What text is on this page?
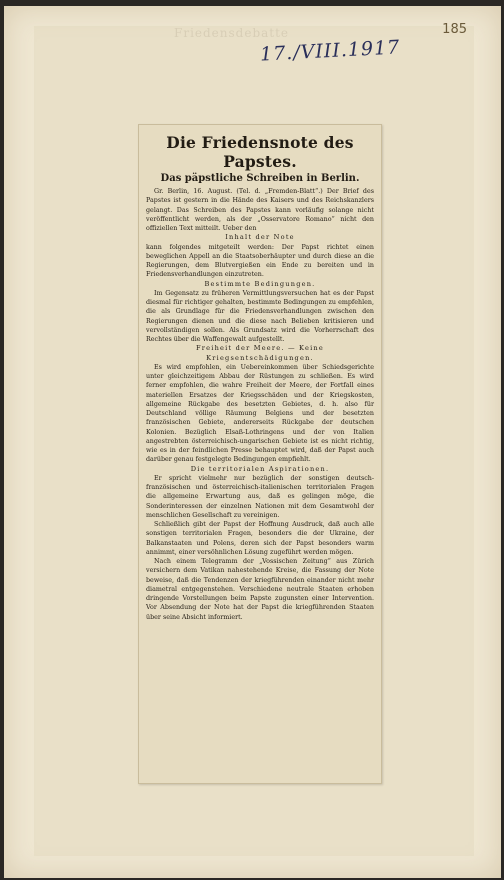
Friedensdebatte	185
17./VIII.1917
Die Friedensnote des Papstes.
Das päpstliche Schreiben in Berlin.

Gr. Berlin, 16. August. (Tel. d. „Fremden-Blatt“.) Der Brief des Papstes ist gestern in die Hände des Kaisers und des Reichskanzlers gelangt. Das Schreiben des Papstes kann vorläufig solange nicht veröffentlicht werden, als der „Osservatore Romano“ nicht den offiziellen Text mitteilt. Ueber den

Inhalt der Note

kann folgendes mitgeteilt werden: Der Papst richtet einen beweglichen Appell an die Staatsoberhäupter und durch diese an die Regierungen, dem Blutvergießen ein Ende zu bereiten und in Friedensverhandlungen einzutreten.

Bestimmte Bedingungen.

Im Gegensatz zu früheren Vermittlungsversuchen hat es der Papst diesmal für richtiger gehalten, bestimmte Bedingungen zu empfehlen, die als Grundlage für die Friedensverhandlungen zwischen den Regierungen dienen und die diese nach Belieben kritisieren und vervollständigen sollen. Als Grundsatz wird die Vorherrschaft des Rechtes über die Waffengewalt aufgestellt.

Freiheit der Meere. — Keine Kriegsentschädigungen.

Es wird empfohlen, ein Uebereinkommen über Schiedsgerichte unter gleichzeitigem Abbau der Rüstungen zu schließen. Es wird ferner empfohlen, die wahre Freiheit der Meere, der Fortfall eines materiellen Ersatzes der Kriegsschäden und der Kriegskosten, allgemeine Rückgabe des besetzten Gebietes, d. h. also für Deutschland völlige Räumung Belgiens und der besetzten französischen Gebiete, andererseits Rückgabe der deutschen Kolonien. Bezüglich Elsaß-Lothringens und der von Italien angestrebten österreichisch-ungarischen Gebiete ist es nicht richtig, wie es in der feindlichen Presse behauptet wird, daß der Papst auch darüber genau festgelegte Bedingungen empfiehlt.

Die territorialen Aspirationen.

Er spricht vielmehr nur bezüglich der sonstigen deutsch-französischen und österreichisch-italienischen territorialen Fragen die allgemeine Erwartung aus, daß es gelingen möge, die Sonderinteressen der einzelnen Nationen mit dem Gesamtwohl der menschlichen Gesellschaft zu vereinigen.

Schließlich gibt der Papst der Hoffnung Ausdruck, daß auch alle sonstigen territorialen Fragen, besonders die der Ukraine, der Balkanstaaten und Polens, deren sich der Papst besonders warm annimmt, einer versöhnlichen Lösung zugeführt werden mögen.

Nach einem Telegramm der „Vossischen Zeitung“ aus Zürich versichern dem Vatikan nahestehende Kreise, die Fassung der Note beweise, daß die Tendenzen der kriegführenden einander nicht mehr diametral entgegenstehen. Verschiedene neutrale Staaten erhoben dringende Vorstellungen beim Papste zugunsten einer Intervention. Vor Absendung der Note hat der Papst die kriegführenden Staaten über seine Absicht informiert.
